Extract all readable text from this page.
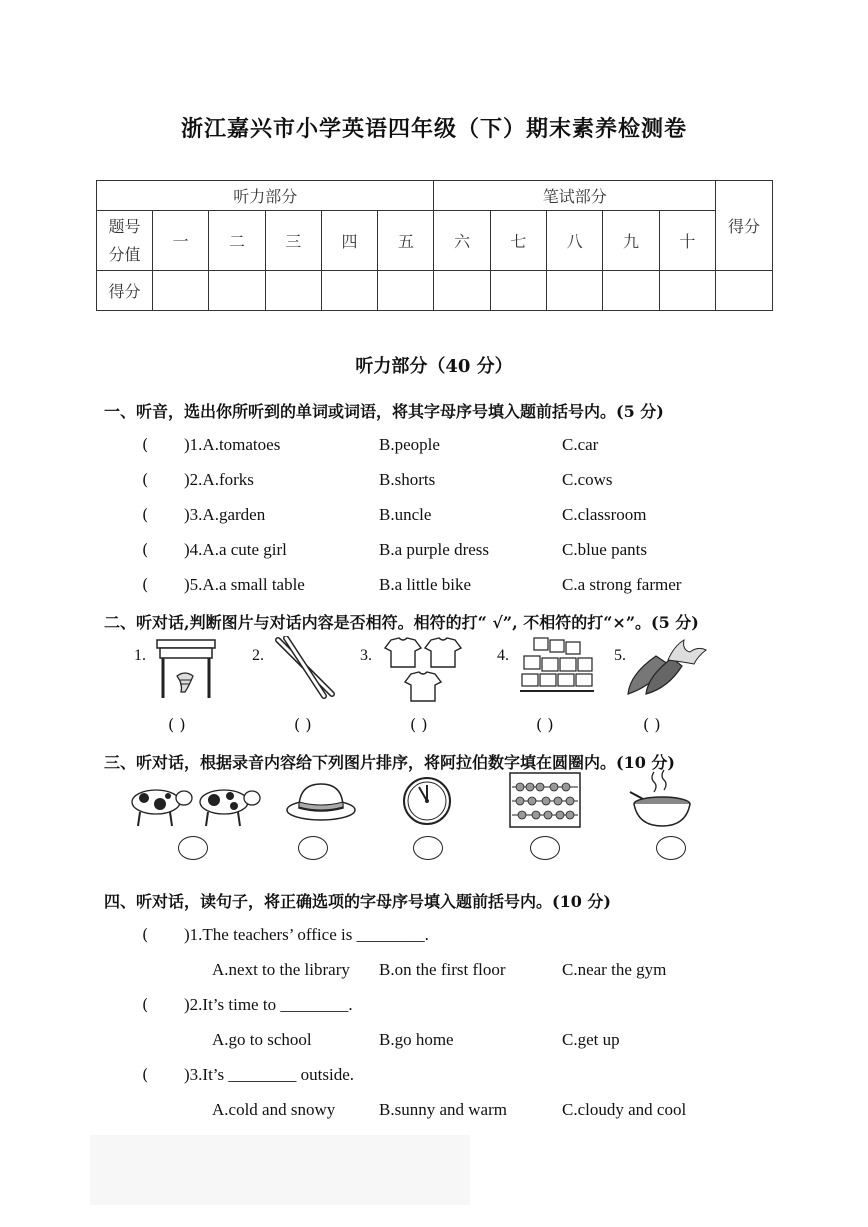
浙江嘉兴市小学英语四年级（下）期末素养检测卷
听力部分						笔试部分					得分

题号
分值	一	二	三	四	五	六	七	八	九	十	
得分											
听力部分（40 分）
一、听音，选出你所听到的单词或词语，将其字母序号填入题前括号内。(5 分)
( )1.A.tomatoes	B.people	C.car
( )2.A.forks	B.shorts	C.cows
( )3.A.garden	B.uncle	C.classroom
( )4.A.a cute girl	B.a purple dress	C.blue pants
( )5.A.a small table	B.a little bike	C.a strong farmer
二、听对话,判断图片与对话内容是否相符。相符的打“ √”, 不相符的打“×”。(5 分)
1.	2.	3.	4.	5.
( )	( )	( )	( )	( )
三、听对话，根据录音内容给下列图片排序，将阿拉伯数字填在圆圈内。(10 分)
四、听对话，读句子，将正确选项的字母序号填入题前括号内。(10 分)
( )1.The teachers’ office is ________.
A.next to the library B.on the first floor	C.near the gym
( )2.It’s time to ________.
A.go to school	B.go home	C.get up
( )3.It’s ________ outside.
A.cold and snowy	B.sunny and warm	C.cloudy and cool
